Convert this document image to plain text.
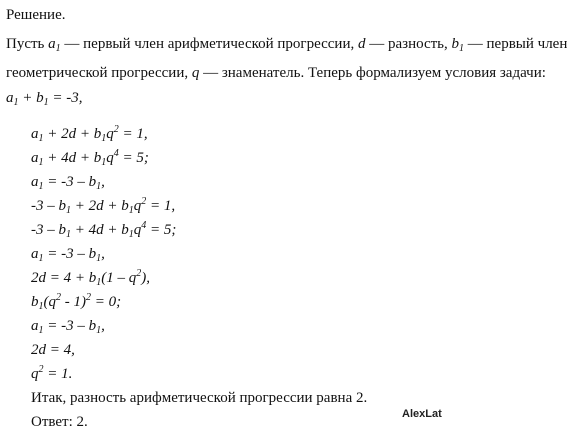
Решение.
Пусть $a_1$ — первый член арифметической прогрессии, d — разность, $b_1$ — первый член
геометрической прогрессии, q — знаменатель. Теперь формализуем условия задачи:
$a_1 + b_1 = -3$,
$a_1 + 2d + b_1q^2 = 1$,
$a_1 + 4d + b_1q^4 = 5$;
$a_1 = -3 - b_1$,
$-3 - b_1 + 2d + b_1q^2 = 1$,
$-3 - b_1 + 4d + b_1q^4 = 5$;
$a_1 = -3 - b_1$,
$2d = 4 + b_1(1 - q^2)$,
$b_1(q^2 - 1)^2 = 0$;
$a_1 = -3 - b_1$,
2d = 4,
$q^2 = 1$.
Итак, разность арифметической прогрессии равна 2.
Ответ: 2.	AlexLat
